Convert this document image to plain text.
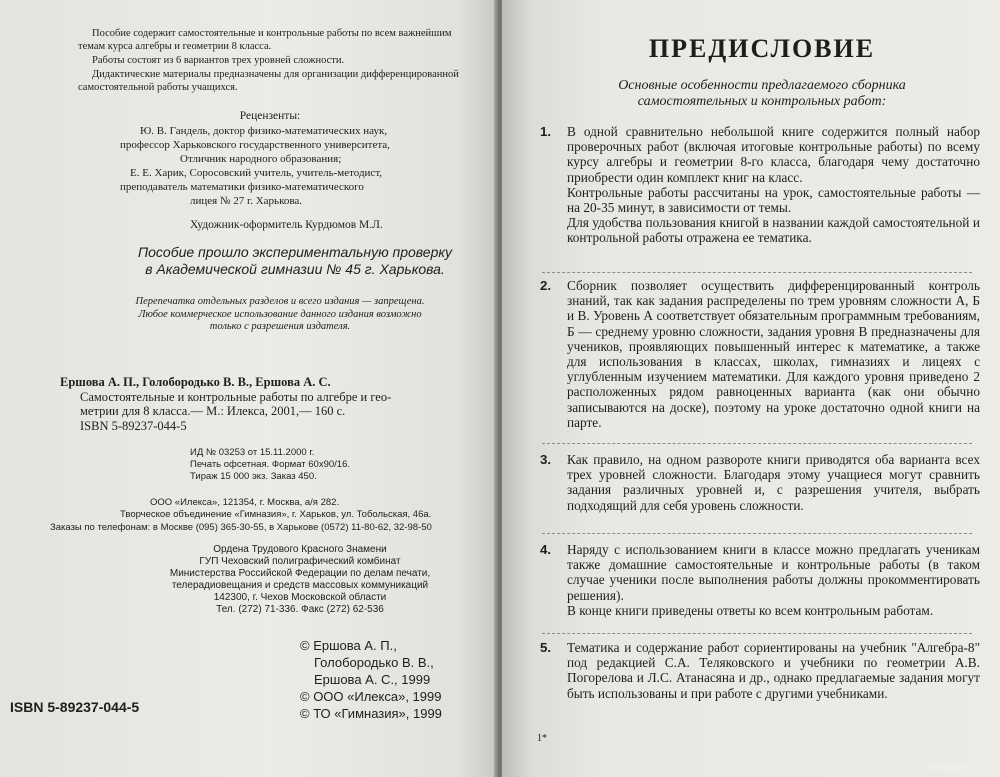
Пособие содержит самостоятельные и контрольные работы по всем важнейшим темам курса алгебры и геометрии 8 класса.

Работы состоят из 6 вариантов трех уровней сложности.

Дидактические материалы предназначены для организации дифференцированной самостоятельной работы учащихся.

Рецензенты:
Ю. В. Гандель, доктор физико-математических наук,
профессор Харьковского государственного университета,
Отличник народного образования;
Е. Е. Харик, Соросовский учитель, учитель-методист,
преподаватель математики физико-математического
лицея № 27 г. Харькова.
Художник-оформитель Курдюмов М.Л.
Пособие прошло экспериментальную проверку
в Академической гимназии № 45 г. Харькова.
Перепечатка отдельных разделов и всего издания — запрещена.
Любое коммерческое использование данного издания возможно
только с разрешения издателя.
Ершова А. П., Голобородько В. В., Ершова А. С.
Самостоятельные и контрольные работы по алгебре и гео-
метрии для 8 класса.— М.: Илекса, 2001,— 160 с.
ISBN 5-89237-044-5
ИД № 03253 от 15.11.2000 г.
Печать офсетная. Формат 60x90/16.
Тираж 15 000 экз. Заказ 450.
ООО «Илекса», 121354, г. Москва, а/я 282.
Творческое объединение «Гимназия», г. Харьков, ул. Тобольская, 46а.
Заказы по телефонам: в Москве (095) 365-30-55, в Харькове (0572) 11-80-62, 32-98-50
Ордена Трудового Красного Знамени
ГУП Чеховский полиграфический комбинат
Министерства Российской Федерации по делам печати,
телерадиовещания и средств массовых коммуникаций
142300, г. Чехов Московской области
Тел. (272) 71-336. Факс (272) 62-536
© Ершова А. П.,
Голобородько В. В.,
Ершова А. С., 1999
© ООО «Илекса», 1999
© ТО «Гимназия», 1999
ISBN 5-89237-044-5
ПРЕДИСЛОВИЕ
Основные особенности предлагаемого сборника
самостоятельных и контрольных работ:
1. В одной сравнительно небольшой книге содержится полный набор проверочных работ (включая итоговые контрольные работы) по всему курсу алгебры и геометрии 8-го класса, благодаря чему достаточно приобрести один комплект книг на класс.

Контрольные работы рассчитаны на урок, самостоятельные работы — на 20-35 минут, в зависимости от темы.

Для удобства пользования книгой в названии каждой самостоятельной и контрольной работы отражена ее тематика.

2. Сборник позволяет осуществить дифференцированный контроль знаний, так как задания распределены по трем уровням сложности А, Б и В. Уровень А соответствует обязательным программным требованиям, Б — среднему уровню сложности, задания уровня В предназначены для учеников, проявляющих повышенный интерес к математике, а также для использования в классах, школах, гимназиях и лицеях с углубленным изучением математики. Для каждого уровня приведено 2 расположенных рядом равноценных варианта (как они обычно записываются на доске), поэтому на уроке достаточно одной книги на парте.

3. Как правило, на одном развороте книги приводятся оба варианта всех трех уровней сложности. Благодаря этому учащиеся могут сравнить задания различных уровней и, с разрешения учителя, выбрать подходящий для себя уровень сложности.

4. Наряду с использованием книги в классе можно предлагать ученикам также домашние самостоятельные и контрольные работы (в таком случае ученики после выполнения работы должны прокомментировать решения).

В конце книги приведены ответы ко всем контрольным работам.

5. Тематика и содержание работ сориентированы на учебник "Алгебра-8" под редакцией С.А. Теляковского и учебники по геометрии А.В. Погорелова и Л.С. Атанасяна и др., однако предлагаемые задания могут быть использованы и при работе с другими учебниками.

1*
www.ay.by
